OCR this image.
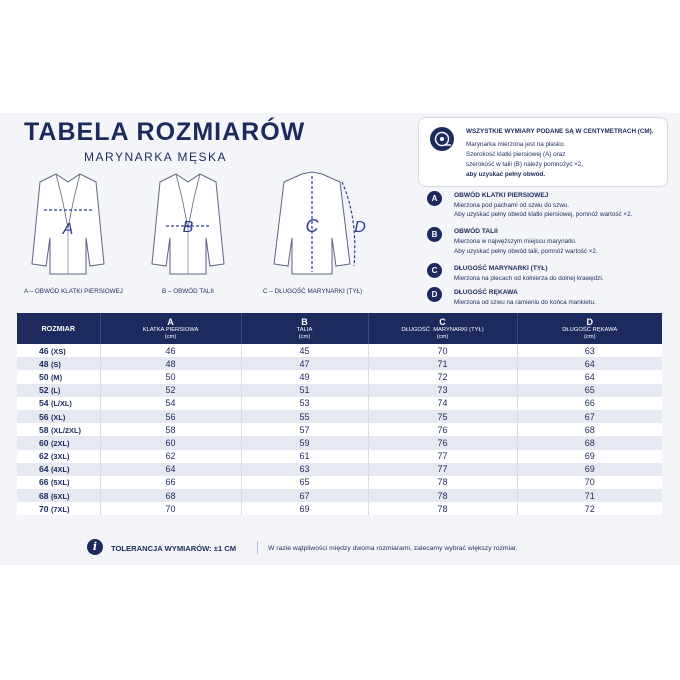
TABELA ROZMIARÓW
MARYNARKA MĘSKA
A
A – OBWÓD KLATKI PIERSIOWEJ
B
B – OBWÓD TALII
C D
C – DŁUGOŚĆ MARYNARKI (TYŁ)
WSZYSTKIE WYMIARY PODANE SĄ W CENTYMETRACH (CM).
Marynarka mierzona jest na płasko.
Szerokość klatki piersiowej (A) oraz
szerokość w talii (B) należy pomnożyć ×2,
aby uzyskać pełny obwód.
A	OBWÓD KLATKI PIERSIOWEJ
Mierzona pod pachami od szwu do szwu.
Aby uzyskać pełny obwód klatki piersiowej, pomnóż wartość ×2.
B	OBWÓD TALII
Mierzona w najwęższym miejscu marynarki.
Aby uzyskać pełny obwód talii, pomnóż wartość ×2.
C	DŁUGOŚĆ MARYNARKI (TYŁ)
Mierzona na plecach od kołnierza do dolnej krawędzi.
D	DŁUGOŚĆ RĘKAWA
Mierzona od szwu na ramieniu do końca mankietu.
ROZMIAR	A
KLATKA PIERSIOWA
(cm)	B
TALIA
(cm)	C
DŁUGOŚĆ  MARYNARKI (TYŁ)
(cm)	D
DŁUGOŚĆ RĘKAWA
(cm)

46 (XS)	46	45	70	63
48 (S)	48	47	71	64
50 (M)	50	49	72	64
52 (L)	52	51	73	65
54 (L/XL)	54	53	74	66
56 (XL)	56	55	75	67
58 (XL/2XL)	58	57	76	68
60 (2XL)	60	59	76	68
62 (3XL)	62	61	77	69
64 (4XL)	64	63	77	69
66 (5XL)	66	65	78	70
68 (6XL)	68	67	78	71
70 (7XL)	70	69	78	72
i	TOLERANCJA WYMIARÓW: ±1 CM	W razie wątpliwości między dwoma rozmiarami, zalecamy wybrać większy rozmiar.
